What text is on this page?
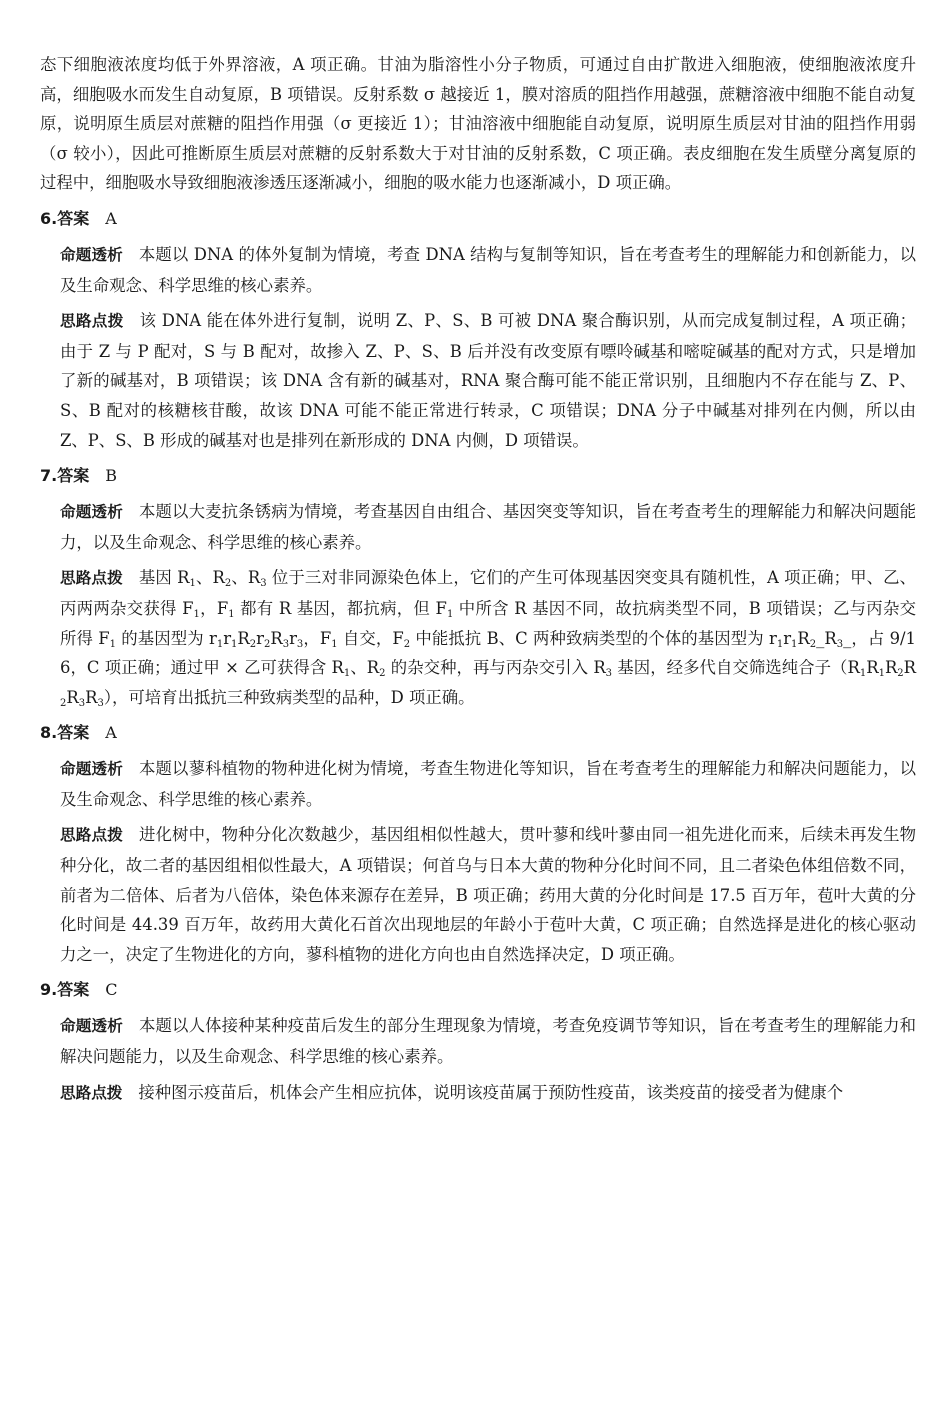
态下细胞液浓度均低于外界溶液，A 项正确。甘油为脂溶性小分子物质，可通过自由扩散进入细胞液，使细胞液浓度升高，细胞吸水而发生自动复原，B 项错误。反射系数 σ 越接近 1，膜对溶质的阻挡作用越强，蔗糖溶液中细胞不能自动复原，说明原生质层对蔗糖的阻挡作用强（σ 更接近 1）；甘油溶液中细胞能自动复原，说明原生质层对甘油的阻挡作用弱（σ 较小），因此可推断原生质层对蔗糖的反射系数大于对甘油的反射系数，C 项正确。表皮细胞在发生质壁分离复原的过程中，细胞吸水导致细胞液渗透压逐渐减小，细胞的吸水能力也逐渐减小，D 项正确。

6.答案 A

命题透析 本题以 DNA 的体外复制为情境，考查 DNA 结构与复制等知识，旨在考查考生的理解能力和创新能力，以及生命观念、科学思维的核心素养。

思路点拨 该 DNA 能在体外进行复制，说明 Z、P、S、B 可被 DNA 聚合酶识别，从而完成复制过程，A 项正确；由于 Z 与 P 配对，S 与 B 配对，故掺入 Z、P、S、B 后并没有改变原有嘌呤碱基和嘧啶碱基的配对方式，只是增加了新的碱基对，B 项错误；该 DNA 含有新的碱基对，RNA 聚合酶可能不能正常识别，且细胞内不存在能与 Z、P、S、B 配对的核糖核苷酸，故该 DNA 可能不能正常进行转录，C 项错误；DNA 分子中碱基对排列在内侧，所以由 Z、P、S、B 形成的碱基对也是排列在新形成的 DNA 内侧，D 项错误。

7.答案 B

命题透析 本题以大麦抗条锈病为情境，考查基因自由组合、基因突变等知识，旨在考查考生的理解能力和解决问题能力，以及生命观念、科学思维的核心素养。

思路点拨 基因 $R_1$、$R_2$、$R_3$ 位于三对非同源染色体上，它们的产生可体现基因突变具有随机性，A 项正确；甲、乙、丙两两杂交获得 $F_1$，$F_1$ 都有 R 基因，都抗病，但 $F_1$ 中所含 R 基因不同，故抗病类型不同，B 项错误；乙与丙杂交所得 $F_1$ 的基因型为 $r_1r_1R_2r_2R_3r_3$，$F_1$ 自交，$F_2$ 中能抵抗 B、C 两种致病类型的个体的基因型为 $r_1r_1R_2\_R_3\_$，占 9/16，C 项正确；通过甲 × 乙可获得含 $R_1$、$R_2$ 的杂交种，再与丙杂交引入 $R_3$ 基因，经多代自交筛选纯合子$(R_1R_1R_2R_2R_3R_3)$，可培育出抵抗三种致病类型的品种，D 项正确。

8.答案 A

命题透析 本题以蓼科植物的物种进化树为情境，考查生物进化等知识，旨在考查考生的理解能力和解决问题能力，以及生命观念、科学思维的核心素养。

思路点拨 进化树中，物种分化次数越少，基因组相似性越大，贯叶蓼和线叶蓼由同一祖先进化而来，后续未再发生物种分化，故二者的基因组相似性最大，A 项错误；何首乌与日本大黄的物种分化时间不同，且二者染色体组倍数不同，前者为二倍体、后者为八倍体，染色体来源存在差异，B 项正确；药用大黄的分化时间是 17.5 百万年，苞叶大黄的分化时间是 44.39 百万年，故药用大黄化石首次出现地层的年龄小于苞叶大黄，C 项正确；自然选择是进化的核心驱动力之一，决定了生物进化的方向，蓼科植物的进化方向也由自然选择决定，D 项正确。

9.答案 C

命题透析 本题以人体接种某种疫苗后发生的部分生理现象为情境，考查免疫调节等知识，旨在考查考生的理解能力和解决问题能力，以及生命观念、科学思维的核心素养。

思路点拨 接种图示疫苗后，机体会产生相应抗体，说明该疫苗属于预防性疫苗，该类疫苗的接受者为健康个
